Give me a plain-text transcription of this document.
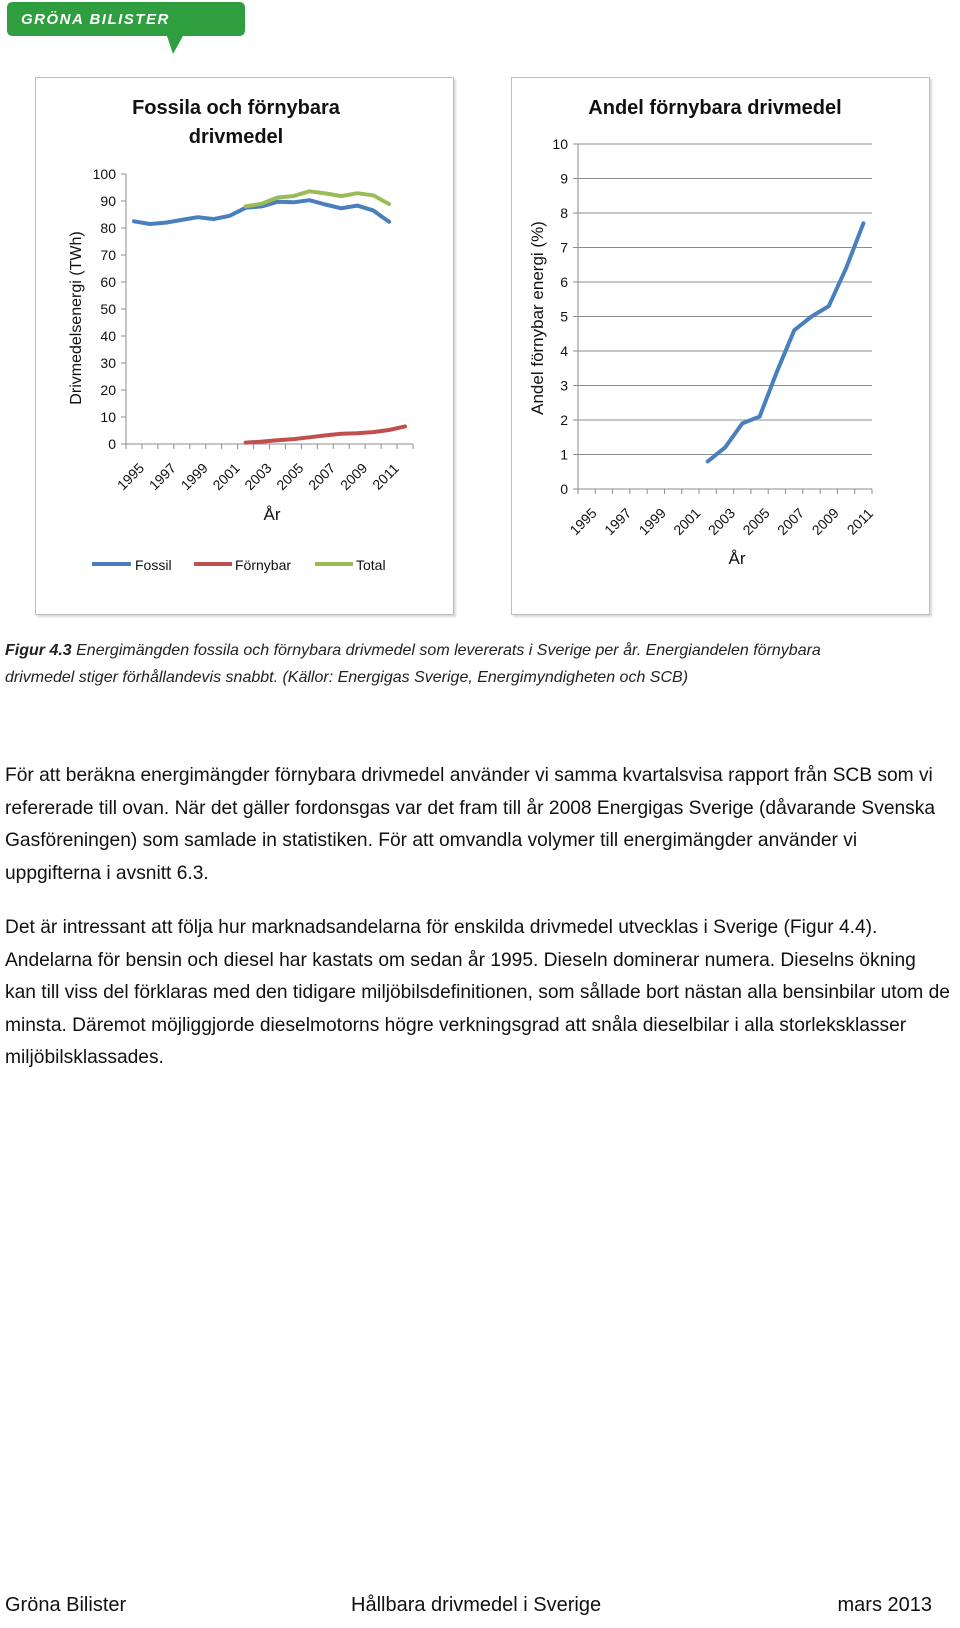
GRÖNA BILISTER
Fossila och förnybara
drivmedel
Drivmedelsenergi (TWh)
År
0
10
20
30
40
50
60
70
80
90
100
1995
1997
1999
2001
2003
2005
2007
2009
2011
Fossil	Förnybar	Total
Andel förnybara drivmedel
Andel förnybar energi (%)
År
0
1
2
3
4
5
6
7
8
9
10
1995 1997 1999 2001 2003 2005 2007 2009 2011
Figur 4.3 Energimängden fossila och förnybara drivmedel som levererats i Sverige per år. Energiandelen förnybara
drivmedel stiger förhållandevis snabbt. (Källor: Energigas Sverige, Energimyndigheten och SCB)

För att beräkna energimängder förnybara drivmedel använder vi samma kvartalsvisa rapport från SCB som vi refererade till ovan. När det gäller fordonsgas var det fram till år 2008 Energigas Sverige (dåvarande Svenska Gasföreningen) som samlade in statistiken. För att omvandla volymer till energimängder använder vi uppgifterna i avsnitt 6.3.

Det är intressant att följa hur marknadsandelarna för enskilda drivmedel utvecklas i Sverige (Figur 4.4). Andelarna för bensin och diesel har kastats om sedan år 1995. Dieseln dominerar numera. Dieselns ökning kan till viss del förklaras med den tidigare miljöbilsdefinitionen, som sållade bort nästan alla bensinbilar utom de minsta. Däremot möjliggjorde dieselmotorns högre verkningsgrad att snåla dieselbilar i alla storleksklasser miljöbilsklassades.

Gröna Bilister	Hållbara drivmedel i Sverige	mars 2013
